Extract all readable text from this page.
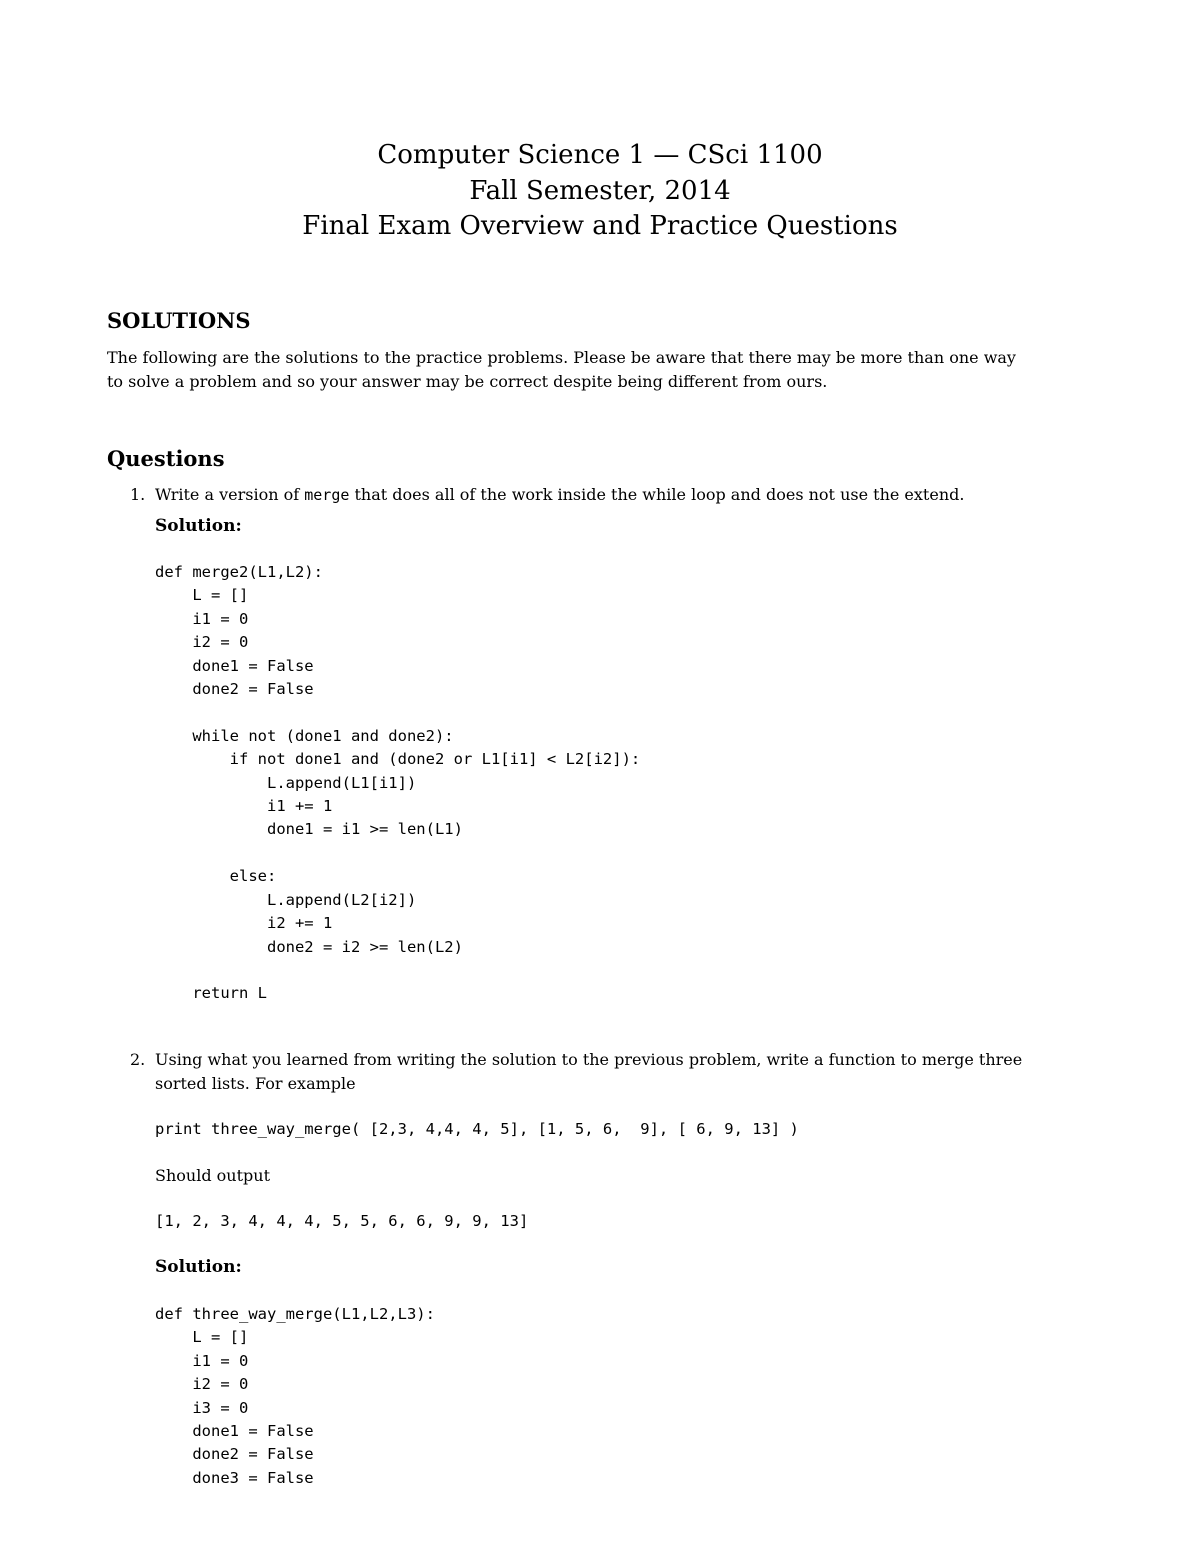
Computer Science 1 — CSci 1100
Fall Semester, 2014
Final Exam Overview and Practice Questions
SOLUTIONS
The following are the solutions to the practice problems. Please be aware that there may be more than one way
to solve a problem and so your answer may be correct despite being different from ours.
Questions
1. Write a version of merge that does all of the work inside the while loop and does not use the extend.
Solution:
def merge2(L1,L2):
L = []
i1 = 0
i2 = 0
done1 = False
done2 = False

while not (done1 and done2):
if not done1 and (done2 or L1[i1] < L2[i2]):
L.append(L1[i1])
i1 += 1
done1 = i1 >= len(L1)

else:
L.append(L2[i2])
i2 += 1
done2 = i2 >= len(L2)

return L
2. Using what you learned from writing the solution to the previous problem, write a function to merge three
sorted lists. For example
print three_way_merge( [2,3, 4,4, 4, 5], [1, 5, 6,  9], [ 6, 9, 13] )
Should output
[1, 2, 3, 4, 4, 4, 5, 5, 6, 6, 9, 9, 13]
Solution:
def three_way_merge(L1,L2,L3):
L = []
i1 = 0
i2 = 0
i3 = 0
done1 = False
done2 = False
done3 = False
